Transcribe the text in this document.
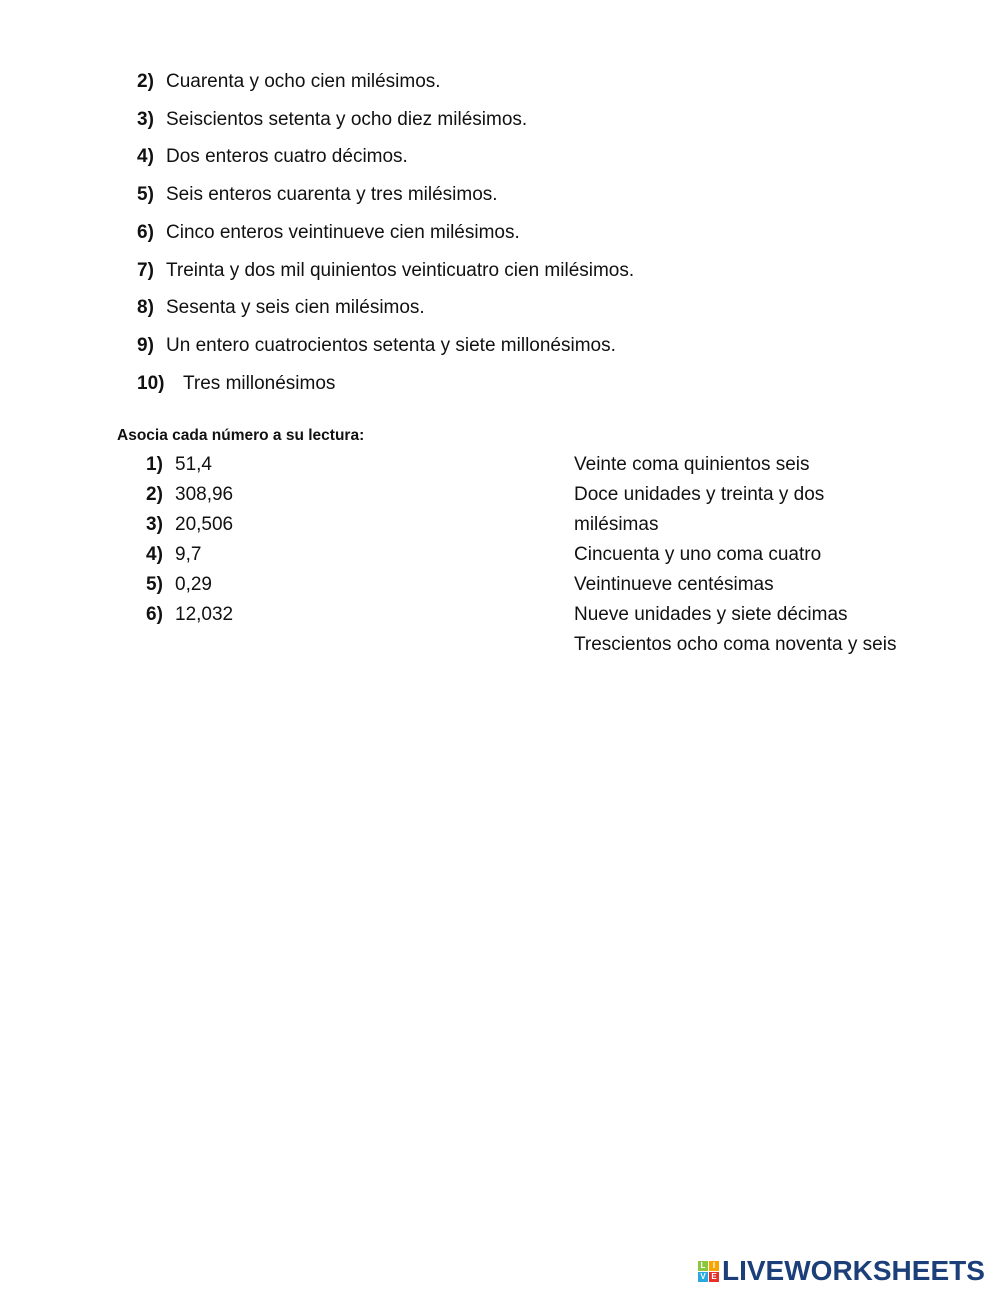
2) Cuarenta y ocho cien milésimos.
3) Seiscientos setenta y ocho diez milésimos.
4) Dos enteros cuatro décimos.
5) Seis enteros cuarenta y tres milésimos.
6) Cinco enteros veintinueve cien milésimos.
7) Treinta y dos mil quinientos veinticuatro cien milésimos.
8) Sesenta y seis cien milésimos.
9) Un entero cuatrocientos setenta y siete millonésimos.
10) Tres millonésimos
Asocia cada número a su lectura:
1) 51,4
2) 308,96
3) 20,506
4) 9,7
5) 0,29
6) 12,032
Veinte coma quinientos seis
Doce unidades y treinta y dos
milésimas
Cincuenta y uno coma cuatro
Veintinueve centésimas
Nueve unidades y siete décimas
Trescientos ocho coma noventa y seis
L I
V E LIVEWORKSHEETS
